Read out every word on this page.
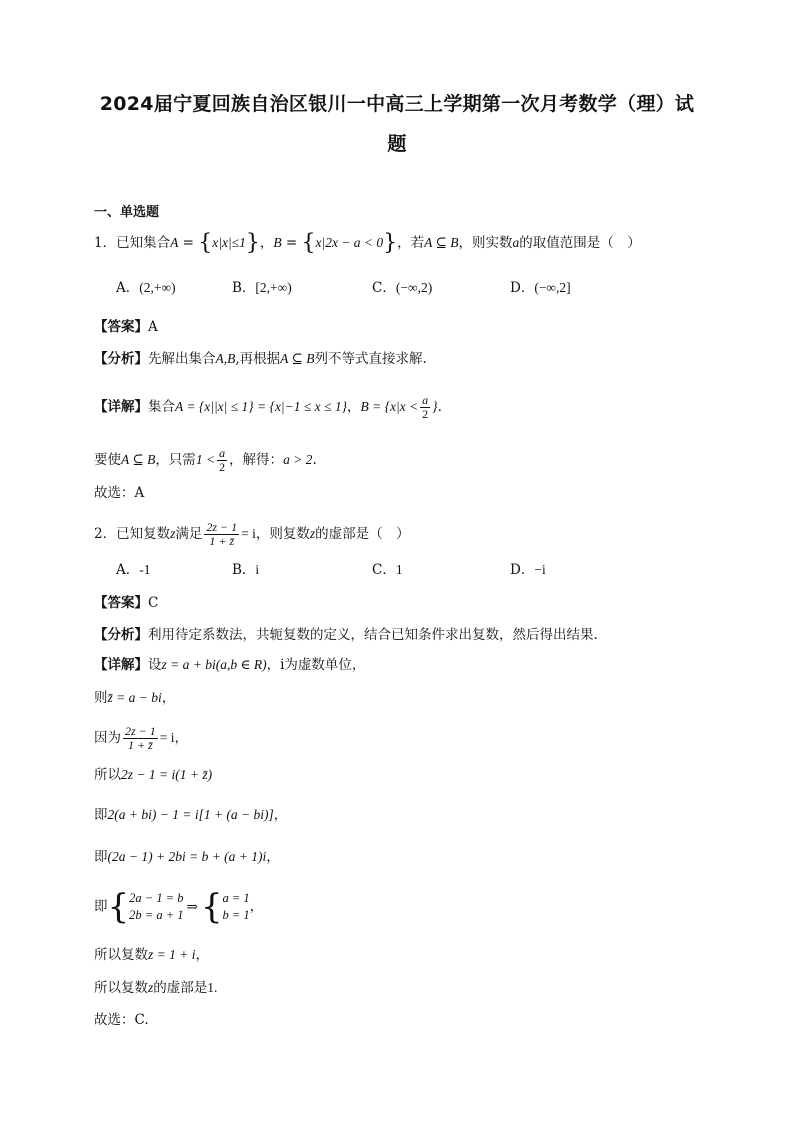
2024届宁夏回族自治区银川一中高三上学期第一次月考数学（理）试
题
一、单选题
1．已知集合A = {x|x|≤1}，B = {x|2x − a < 0}，若A ⊆ B，则实数a的取值范围是（　）
A．(2,+∞)	B．[2,+∞)	C．(−∞,2)	D．(−∞,2]
【答案】A
【分析】先解出集合A,B,再根据A ⊆ B列不等式直接求解.
【详解】集合A = {x||x| ≤ 1} = {x|−1 ≤ x ≤ 1}，$B = \{x|x < \frac{a}{2}$ }.
要使A ⊆ B，只需$1 < \frac{a}{2}$ ，解得：a > 2.
故选：A
2．已知复数z满足 $\frac{2z - 1}{1 + z̄} = i$，则复数z的虚部是（　）
A．-1	B．i	C．1	D．−i
【答案】C
【分析】利用待定系数法，共轭复数的定义，结合已知条件求出复数，然后得出结果.
【详解】设z = a + bi(a,b ∈ R)，i为虚数单位，
则z̄ = a − bi，
因为 $\frac{2z - 1}{1 + z̄} = i$，
所以2z − 1 = i(1 + z̄)
即2(a + bi) − 1 = i[1 + (a − bi)]，
即(2a − 1) + 2bi = b + (a + 1)i，
即 { 2a − 1 = b
2b = a + 1
⇒ { a = 1
b = 1
，
所以复数z = 1 + i，
所以复数z的虚部是1.
故选：C.
